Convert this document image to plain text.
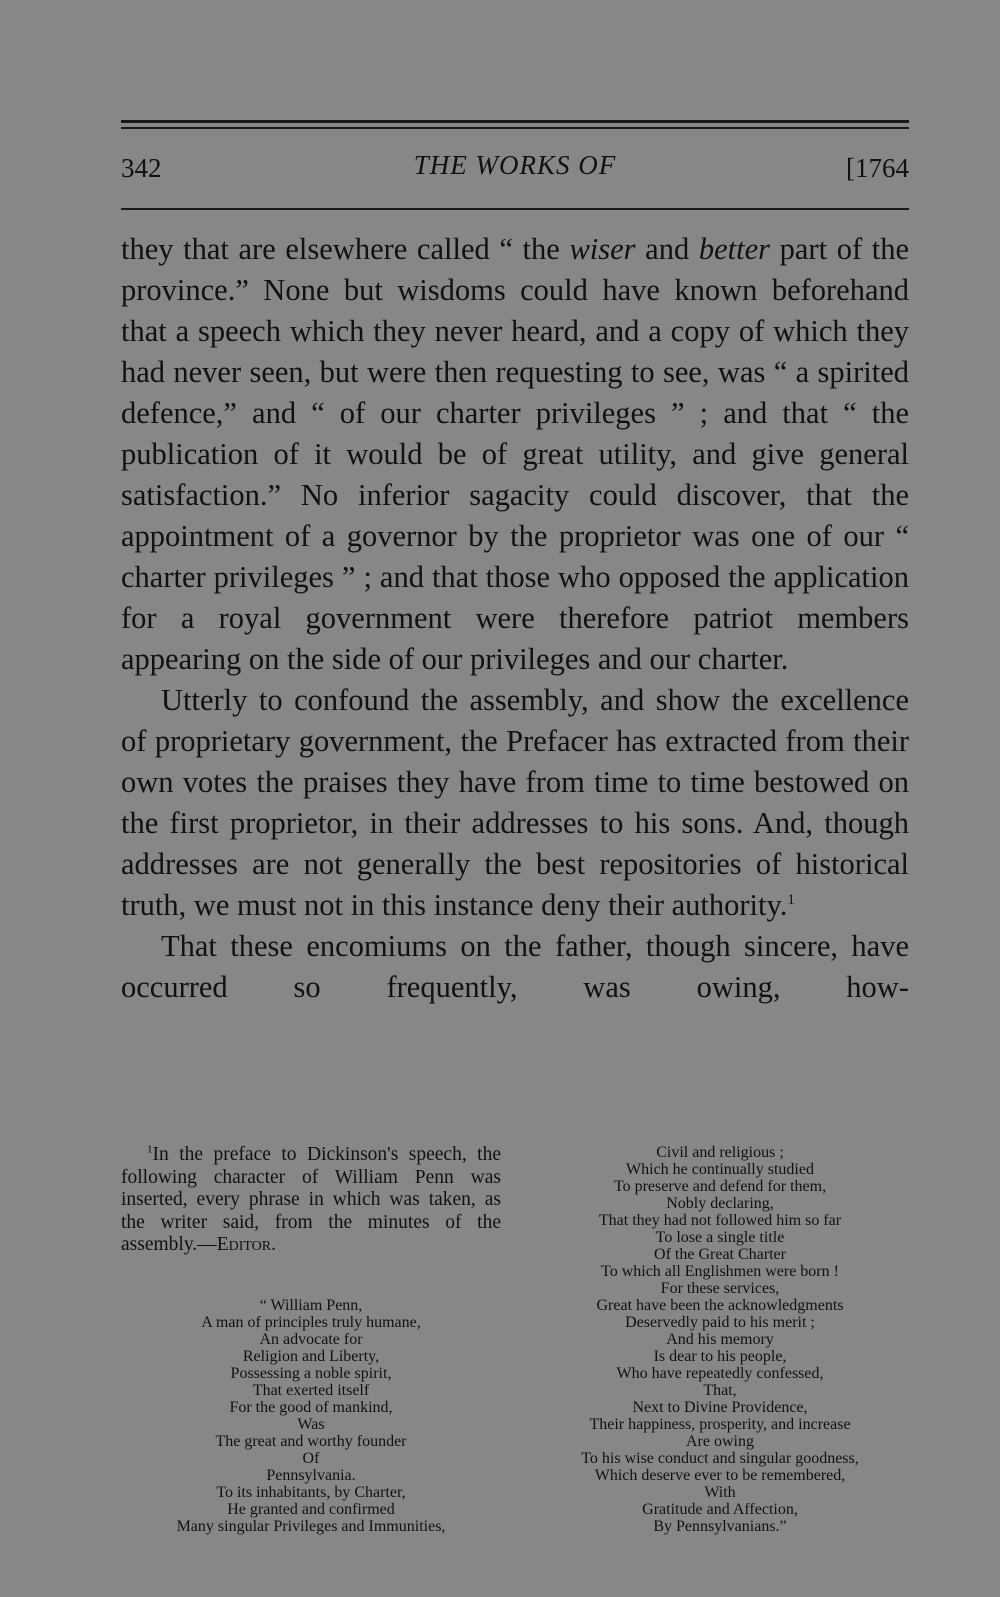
342	THE WORKS OF	[1764

they that are elsewhere called “ the wiser and better part of the province.” None but wisdoms could have known beforehand that a speech which they never heard, and a copy of which they had never seen, but were then requesting to see, was “ a spirited defence,” and “ of our charter privileges ” ; and that “ the publication of it would be of great utility, and give general satisfaction.” No inferior sagacity could discover, that the appointment of a governor by the proprietor was one of our “ charter privileges ” ; and that those who opposed the application for a royal government were therefore patriot members appearing on the side of our privileges and our charter.

Utterly to confound the assembly, and show the excellence of proprietary government, the Prefacer has extracted from their own votes the praises they have from time to time bestowed on the first proprietor, in their addresses to his sons. And, though addresses are not generally the best repositories of historical truth, we must not in this instance deny their authority.$^1$

That these encomiums on the father, though sincere, have occurred so frequently, was owing, how-

$^1$In the preface to Dickinson's speech, the following character of William Penn was inserted, every phrase in which was taken, as the writer said, from the minutes of the assembly.—Editor.

“ William Penn,
A man of principles truly humane,
An advocate for
Religion and Liberty,
Possessing a noble spirit,
That exerted itself
For the good of mankind,
Was
The great and worthy founder
Of
Pennsylvania.
To its inhabitants, by Charter,
He granted and confirmed
Many singular Privileges and Immunities,
Civil and religious ;
Which he continually studied
To preserve and defend for them,
Nobly declaring,
That they had not followed him so far
To lose a single title
Of the Great Charter
To which all Englishmen were born !
For these services,
Great have been the acknowledgments
Deservedly paid to his merit ;
And his memory
Is dear to his people,
Who have repeatedly confessed,
That,
Next to Divine Providence,
Their happiness, prosperity, and increase
Are owing
To his wise conduct and singular goodness,
Which deserve ever to be remembered,
With
Gratitude and Affection,
By Pennsylvanians.”
